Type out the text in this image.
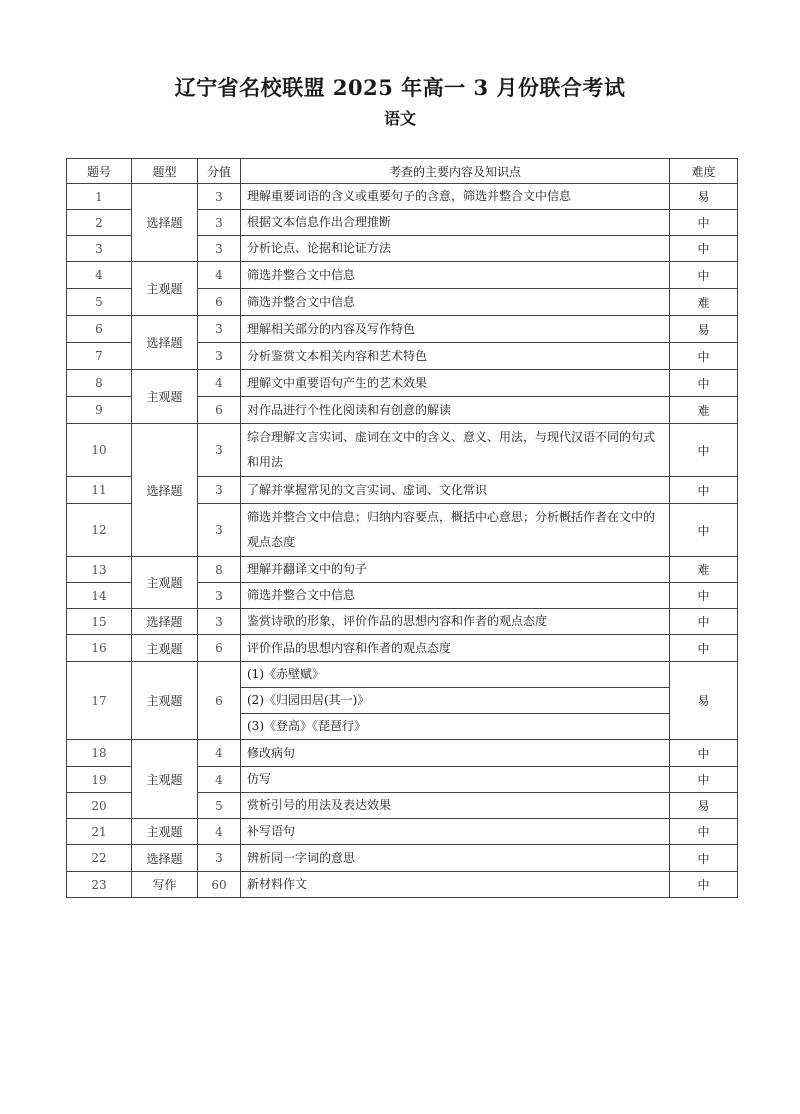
辽宁省名校联盟 2025 年高一 3 月份联合考试
语文
题号	题型	分值	考查的主要内容及知识点	难度
1	选择题	3	理解重要词语的含义或重要句子的含意，筛选并整合文中信息	易
2		3	根据文本信息作出合理推断	中
3		3	分析论点、论据和论证方法	中
4	主观题	4	筛选并整合文中信息	中
5		6	筛选并整合文中信息	难
6	选择题	3	理解相关部分的内容及写作特色	易
7		3	分析鉴赏文本相关内容和艺术特色	中
8	主观题	4	理解文中重要语句产生的艺术效果	中
9		6	对作品进行个性化阅读和有创意的解读	难
10	选择题	3	综合理解文言实词、虚词在文中的含义、意义、用法，与现代汉语不同的句式和用法	中
11		3	了解并掌握常见的文言实词、虚词、文化常识	中
12		3	筛选并整合文中信息；归纳内容要点，概括中心意思；分析概括作者在文中的观点态度	中
13	主观题	8	理解并翻译文中的句子	难
14		3	筛选并整合文中信息	中
15	选择题	3	鉴赏诗歌的形象，评价作品的思想内容和作者的观点态度	中
16	主观题	6	评价作品的思想内容和作者的观点态度	中
17	主观题	6	(1)《赤壁赋》	易
			(2)《归园田居(其一)》	
			(3)《登高》《琵琶行》	
18	主观题	4	修改病句	中
19		4	仿写	中
20		5	赏析引号的用法及表达效果	易
21	主观题	4	补写语句	中
22	选择题	3	辨析同一字词的意思	中
23	写作	60	新材料作文	中
